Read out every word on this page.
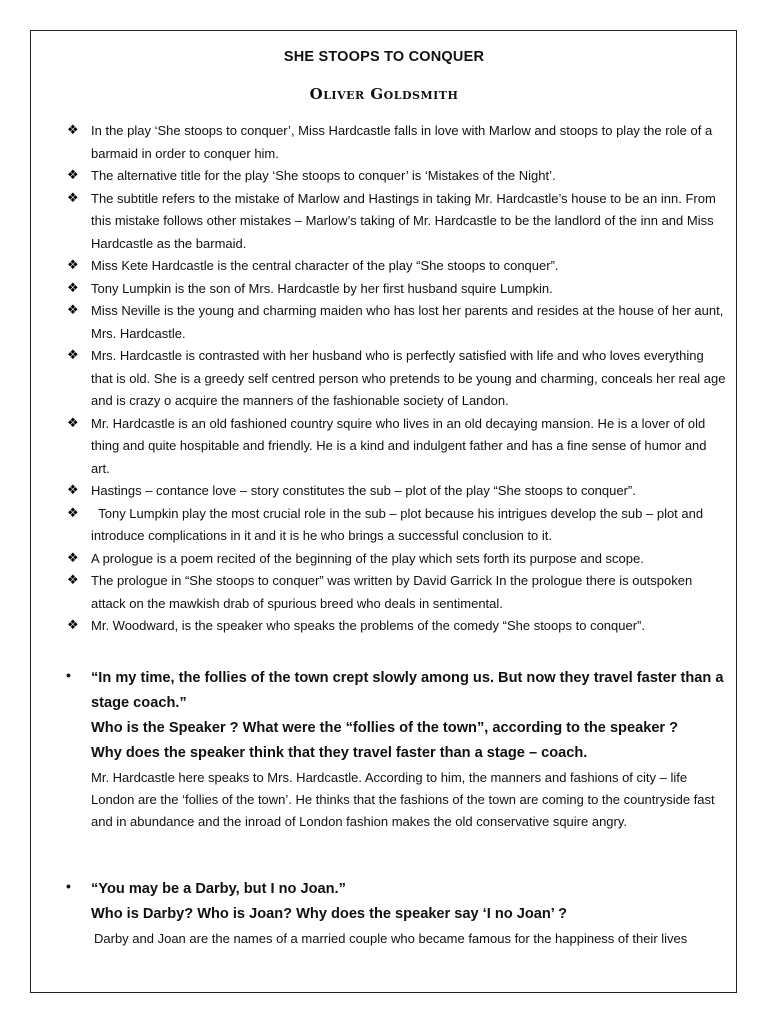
SHE STOOPS TO CONQUER
Oliver Goldsmith
❖ In the play ‘She stoops to conquer’, Miss Hardcastle falls in love with Marlow and stoops to play the role of a barmaid in order to conquer him.
❖ The alternative title for the play ‘She stoops to conquer’ is ‘Mistakes of the Night’.
❖ The subtitle refers to the mistake of Marlow and Hastings in taking Mr. Hardcastle’s house to be an inn. From this mistake follows other mistakes – Marlow’s taking of Mr. Hardcastle to be the landlord of the inn and Miss Hardcastle as the barmaid.
❖ Miss Kete Hardcastle is the central character of the play “She stoops to conquer”.
❖ Tony Lumpkin is the son of Mrs. Hardcastle by her first husband squire Lumpkin.
❖ Miss Neville is the young and charming maiden who has lost her parents and resides at the house of her aunt, Mrs. Hardcastle.
❖ Mrs. Hardcastle is contrasted with her husband who is perfectly satisfied with life and who loves everything that is old. She is a greedy self centred person who pretends to be young and charming, conceals her real age and is crazy o acquire the manners of the fashionable society of Landon.
❖ Mr. Hardcastle is an old fashioned country squire who lives in an old decaying mansion. He is a lover of old thing and quite hospitable and friendly. He is a kind and indulgent father and has a fine sense of humor and art.
❖ Hastings – contance love – story constitutes the sub – plot of the play “She stoops to conquer”.
❖ Tony Lumpkin play the most crucial role in the sub – plot because his intrigues develop the sub – plot and introduce complications in it and it is he who brings a successful conclusion to it.
❖ A prologue is a poem recited of the beginning of the play which sets forth its purpose and scope.
❖ The prologue in “She stoops to conquer” was written by David Garrick In the prologue there is outspoken attack on the mawkish drab of spurious breed who deals in sentimental.
❖ Mr. Woodward, is the speaker who speaks the problems of the comedy “She stoops to conquer”.
• “In my time, the follies of the town crept slowly among us. But now they travel faster than a stage coach.”
Who is the Speaker ? What were the “follies of the town”, according to the speaker ?
Why does the speaker think that they travel faster than a stage – coach.
Mr. Hardcastle here speaks to Mrs. Hardcastle. According to him, the manners and fashions of city – life London are the ‘follies of the town’. He thinks that the fashions of the town are coming to the countryside fast and in abundance and the inroad of London fashion makes the old conservative squire angry.
• “You may be a Darby, but I no Joan.”
Who is Darby? Who is Joan? Why does the speaker say ‘I no Joan’ ?
Darby and Joan are the names of a married couple who became famous for the happiness of their lives
